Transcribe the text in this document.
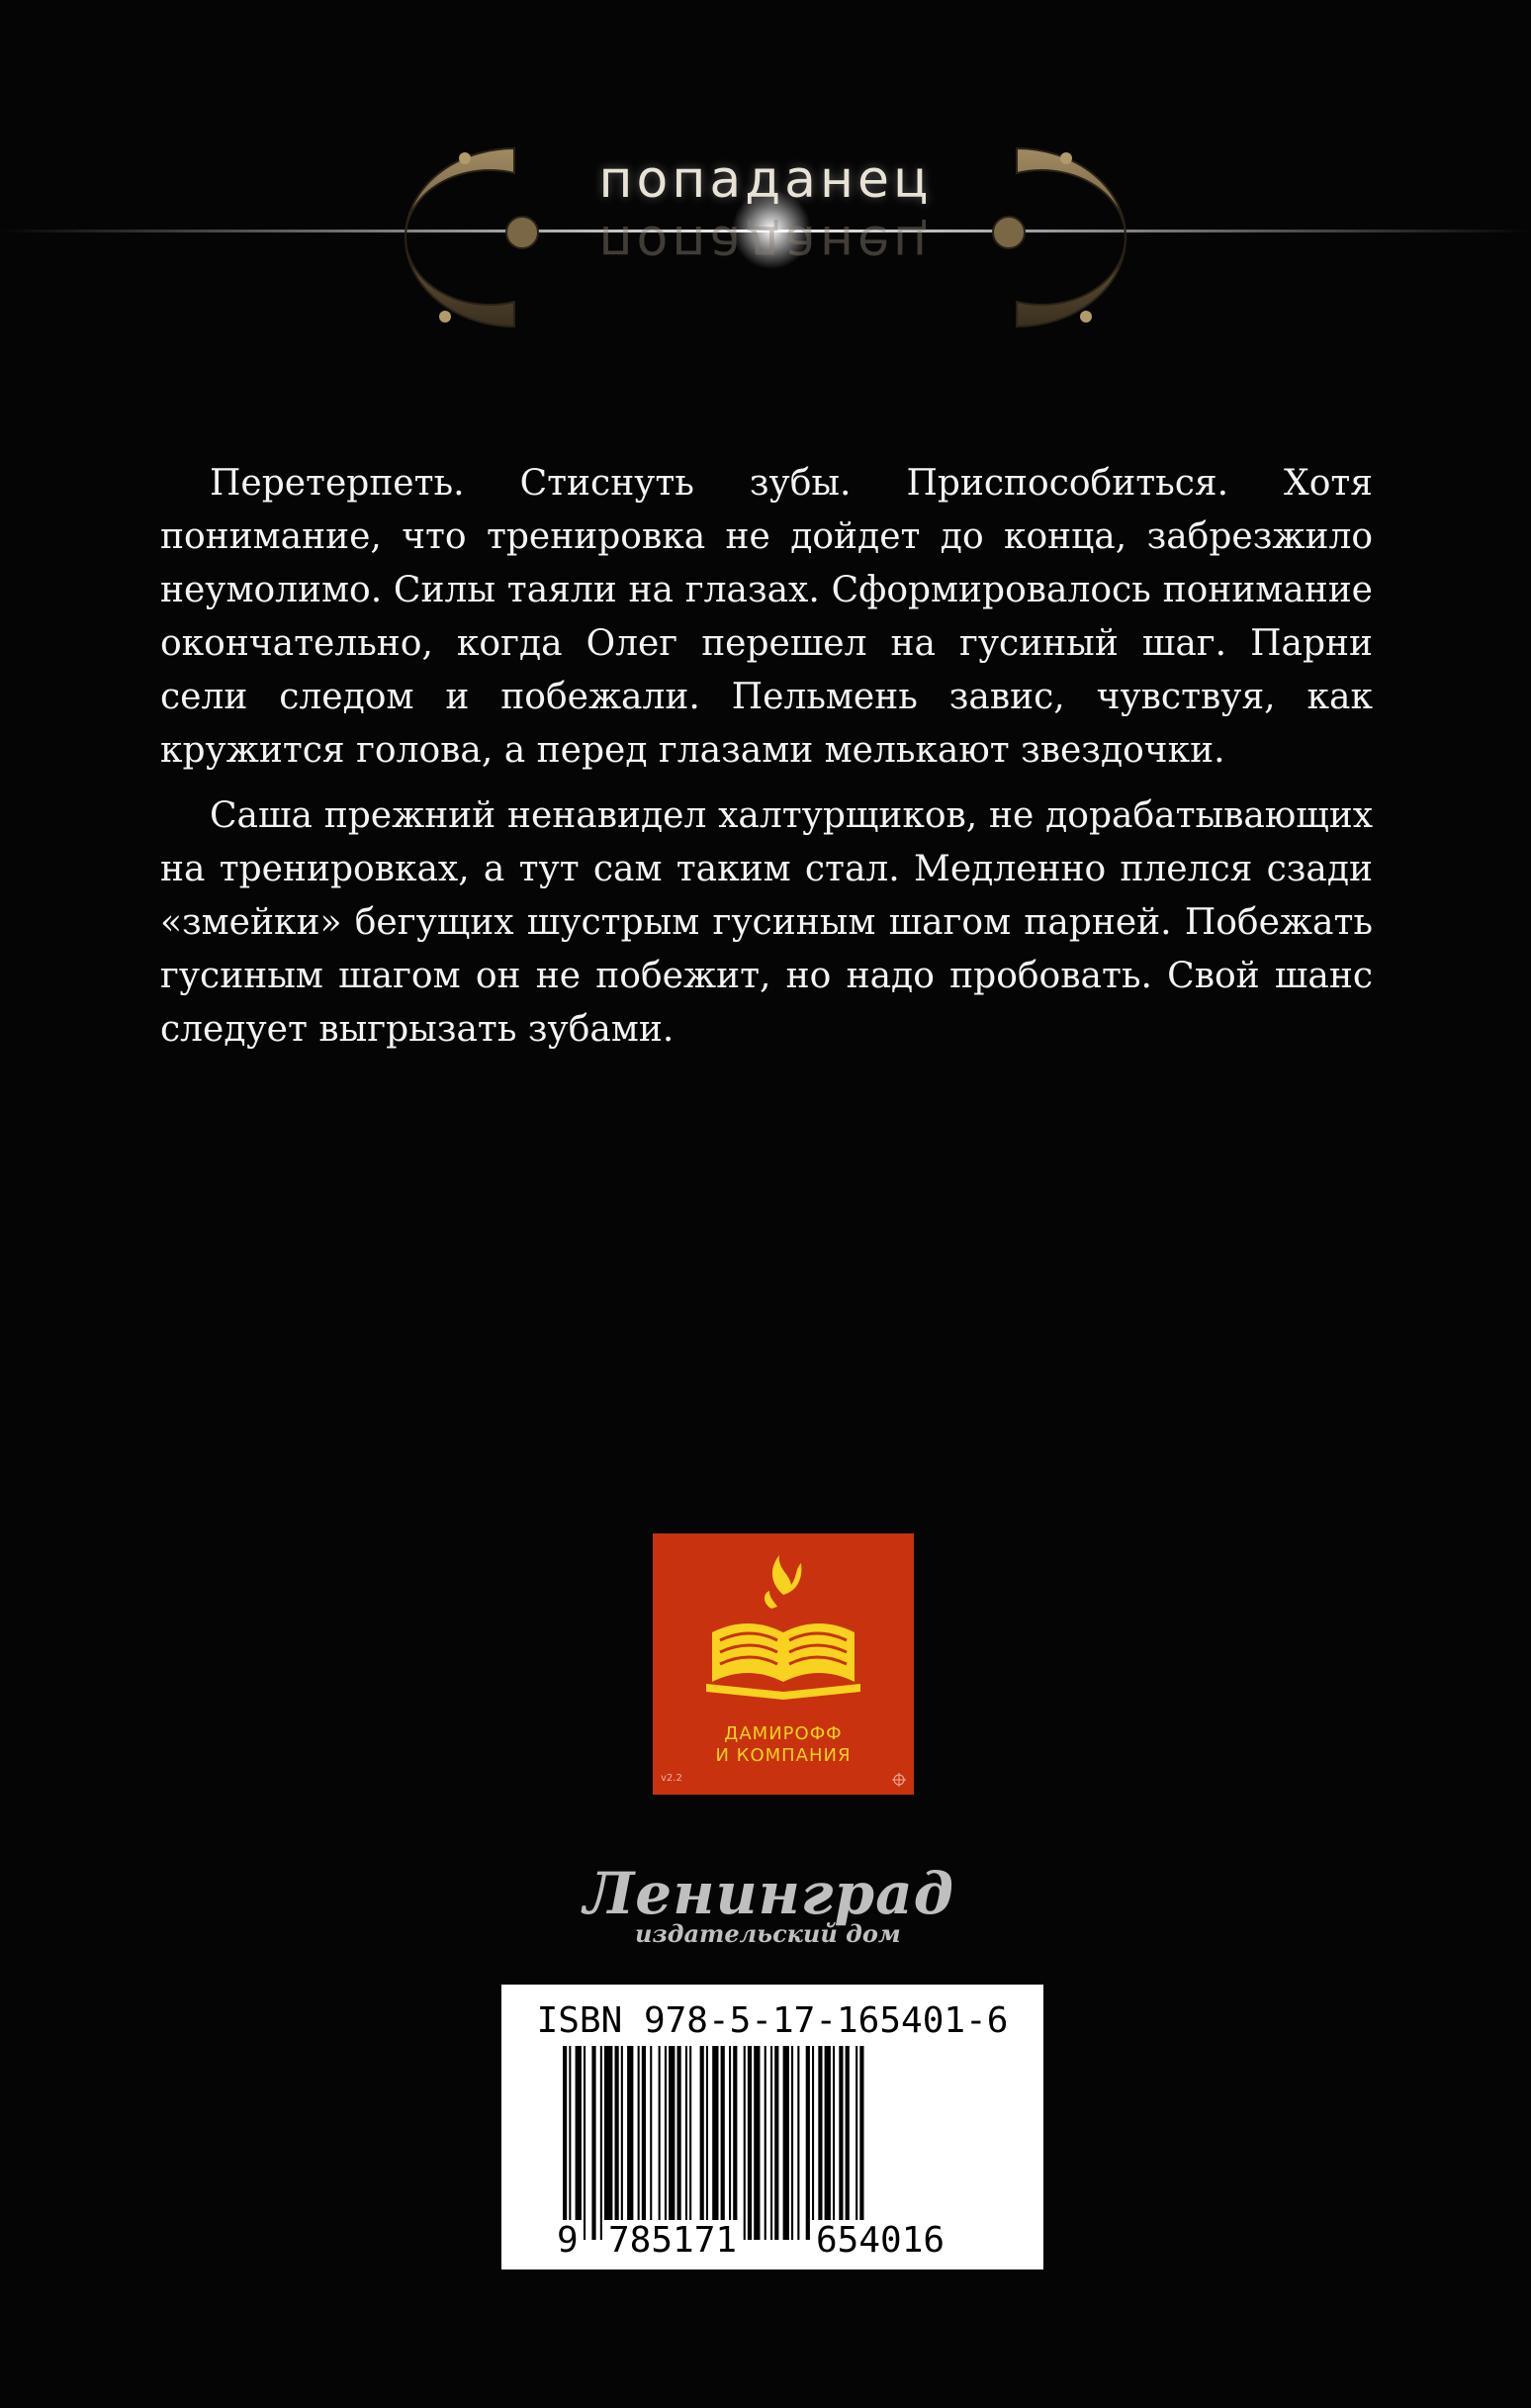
попаданец
попаданец

Перетерпеть. Стиснуть зубы. Приспособиться. Хотя понимание, что тренировка не дойдет до конца, забрезжило неумолимо. Силы таяли на глазах. Сформировалось понимание окончательно, когда Олег перешел на гусиный шаг. Парни сели следом и побежали. Пельмень завис, чувствуя, как кружится голова, а перед глазами мелькают звездочки.

Саша прежний ненавидел халтурщиков, не дорабатывающих на тренировках, а тут сам таким стал. Медленно плелся сзади «змейки» бегущих шустрым гусиным шагом парней. Побежать гусиным шагом он не побежит, но надо пробовать. Свой шанс следует выгрызать зубами.

ДАМИРОФФ
И КОМПАНИЯ
v2.2
Ленинград
издательский дом
ISBN 978-5-17-165401-6
9 785171 654016
